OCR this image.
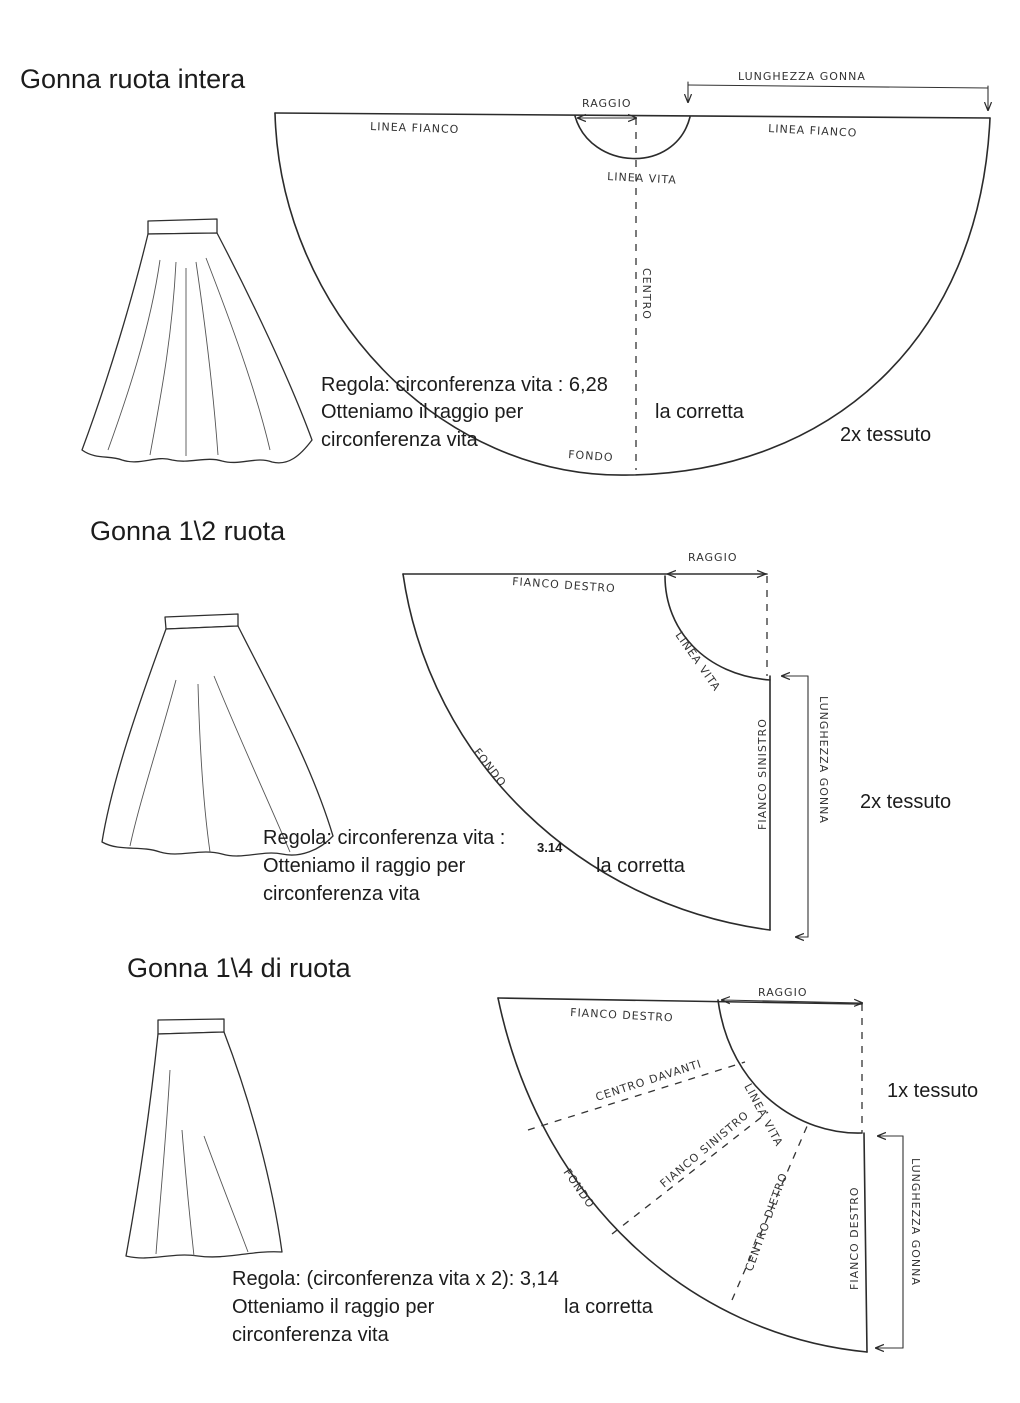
Gonna ruota intera	LUNGHEZZA GONNA
RAGGIO
LINEA FIANCO	LINEA FIANCO
LINEA VITA
CENTRO
FONDO
Regola: circonferenza vita : 6,28
Otteniamo il raggio per	la corretta
circonferenza vita	2x tessuto
Gonna 1\2 ruota
RAGGIO
FIANCO DESTRO
LINEA VITA
FONDO	FIANCO SINISTRO	LUNGHEZZA GONNA
Regola: circonferenza vita : 3.14
Otteniamo il raggio per	la corretta
circonferenza vita
2x tessuto
Gonna 1\4 di ruota
RAGGIO
FIANCO DESTRO
CENTRO DAVANTI
LINEA VITA
FONDO	FIANCO SINISTRO
CENTRO DIETRO	FIANCO DESTRO	LUNGHEZZA GONNA
Regola: (circonferenza vita x 2): 3,14
Otteniamo il raggio per	la corretta
circonferenza vita
1x tessuto
